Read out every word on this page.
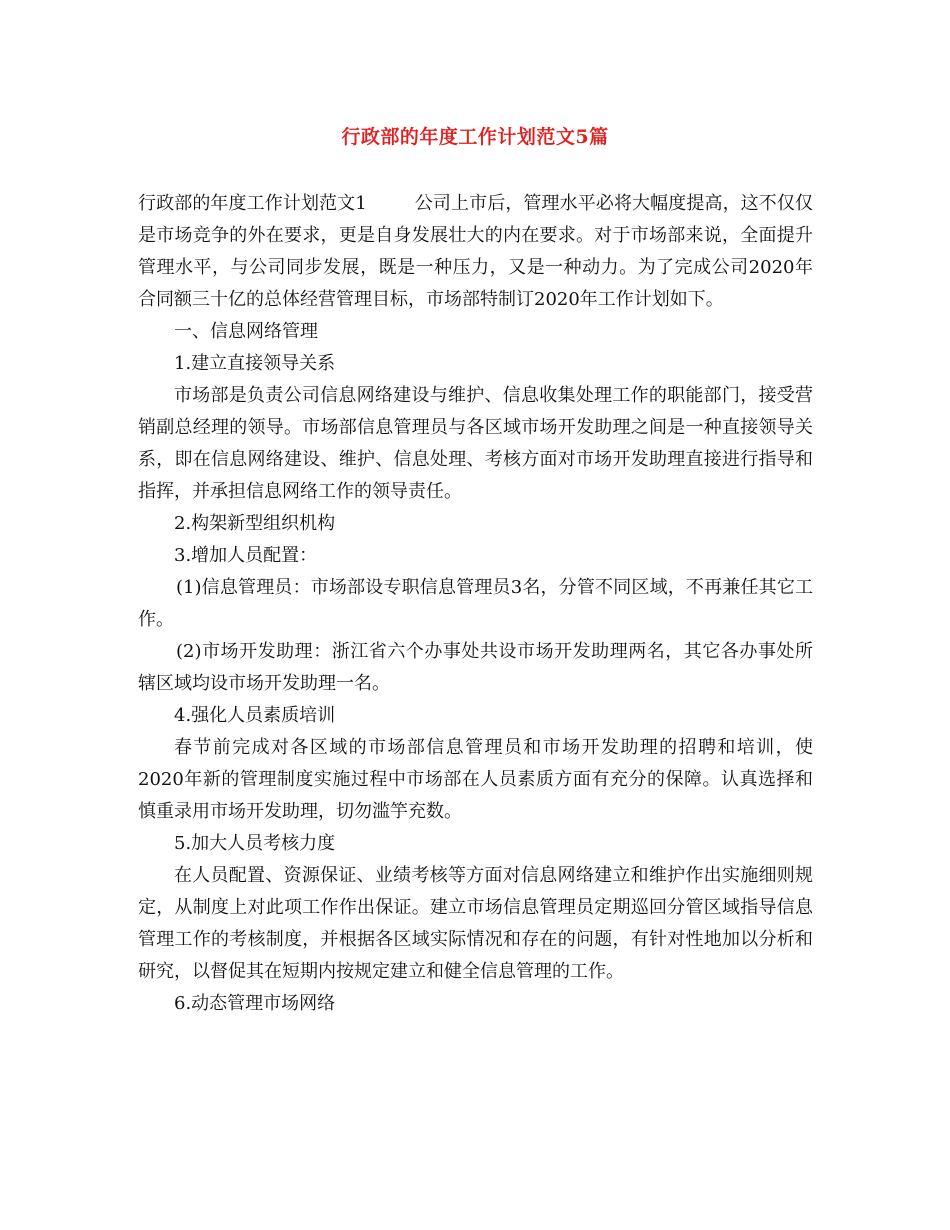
行政部的年度工作计划范文5篇

行政部的年度工作计划范文1	公司上市后，管理水平必将大幅度提高，这不仅仅是市场竞争的外在要求，更是自身发展壮大的内在要求。对于市场部来说，全面提升管理水平，与公司同步发展，既是一种压力，又是一种动力。为了完成公司2020年合同额三十亿的总体经营管理目标，市场部特制订2020年工作计划如下。

一、信息网络管理

1.建立直接领导关系

市场部是负责公司信息网络建设与维护、信息收集处理工作的职能部门，接受营销副总经理的领导。市场部信息管理员与各区域市场开发助理之间是一种直接领导关系，即在信息网络建设、维护、信息处理、考核方面对市场开发助理直接进行指导和指挥，并承担信息网络工作的领导责任。

2.构架新型组织机构

3.增加人员配置：

(1)信息管理员：市场部设专职信息管理员3名，分管不同区域，不再兼任其它工作。

(2)市场开发助理：浙江省六个办事处共设市场开发助理两名，其它各办事处所辖区域均设市场开发助理一名。

4.强化人员素质培训

春节前完成对各区域的市场部信息管理员和市场开发助理的招聘和培训，使2020年新的管理制度实施过程中市场部在人员素质方面有充分的保障。认真选择和慎重录用市场开发助理，切勿滥竽充数。

5.加大人员考核力度

在人员配置、资源保证、业绩考核等方面对信息网络建立和维护作出实施细则规定，从制度上对此项工作作出保证。建立市场信息管理员定期巡回分管区域指导信息管理工作的考核制度，并根据各区域实际情况和存在的问题，有针对性地加以分析和研究，以督促其在短期内按规定建立和健全信息管理的工作。

6.动态管理市场网络
